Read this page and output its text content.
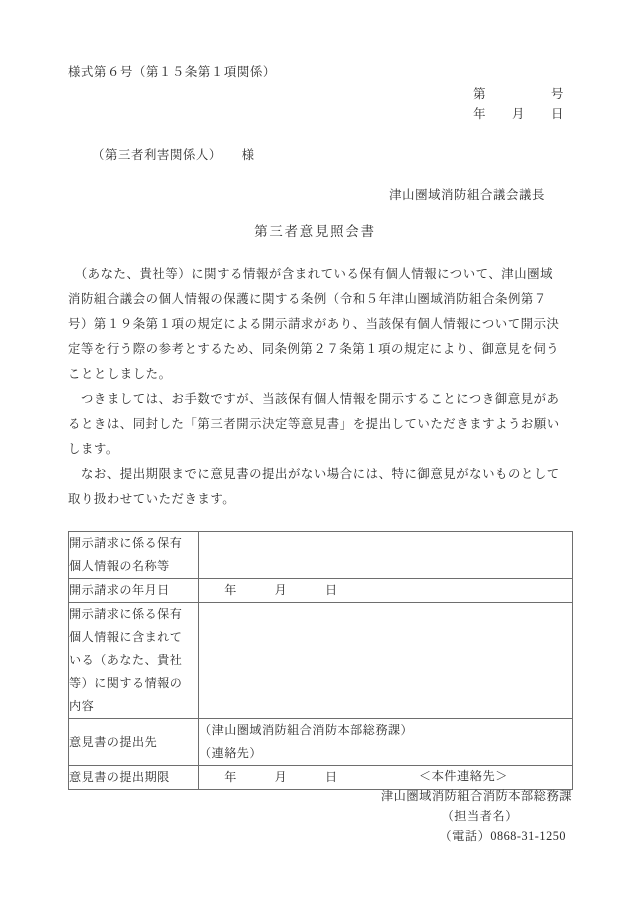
様式第６号（第１５条第１項関係）
第　　　　　号
年　　月　　日
（第三者利害関係人）　　様
津山圏域消防組合議会議長
第三者意見照会書
　（あなた、貴社等）に関する情報が含まれている保有個人情報について、津山圏域
消防組合議会の個人情報の保護に関する条例（令和５年津山圏域消防組合条例第７
号）第１９条第１項の規定による開示請求があり、当該保有個人情報について開示決
定等を行う際の参考とするため、同条例第２７条第１項の規定により、御意見を伺う
こととしました。
　つきましては、お手数ですが、当該保有個人情報を開示することにつき御意見があ
るときは、同封した「第三者開示決定等意見書」を提出していただきますようお願い
します。
　なお、提出期限までに意見書の提出がない場合には、特に御意見がないものとして
取り扱わせていただきます。
開示請求に係る保有
個人情報の名称等	

開示請求の年月日	　　年　　　月　　　日

開示請求に係る保有
個人情報に含まれて
いる（あなた、貴社
等）に関する情報の
内容	

意見書の提出先	（津山圏域消防組合消防本部総務課）
（連絡先）

意見書の提出期限	　　年　　　月　　　日	＜本件連絡先＞
津山圏域消防組合消防本部総務課
（担当者名）
（電話）0868-31-1250
